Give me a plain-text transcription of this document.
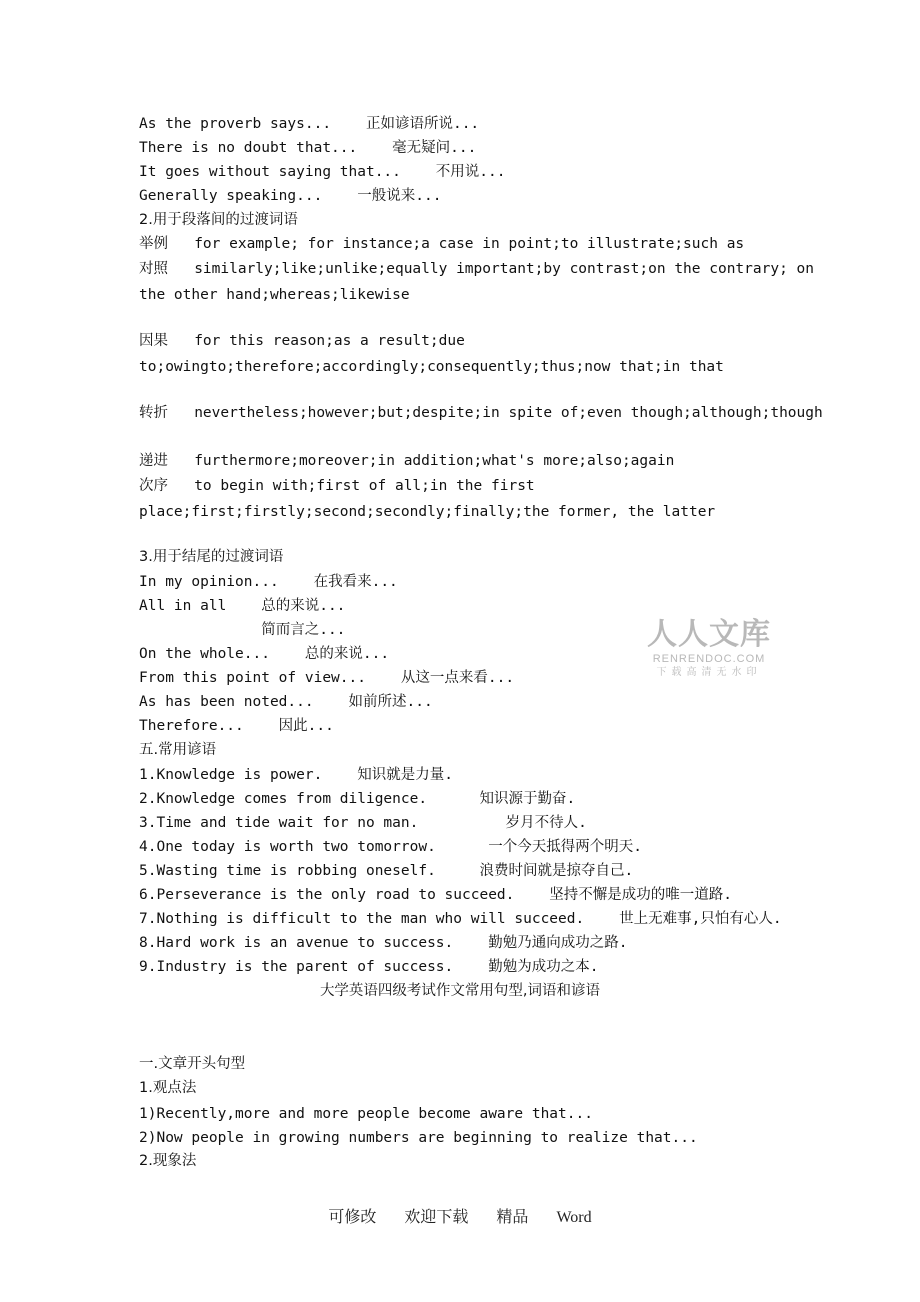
As the proverb says...    正如谚语所说...
There is no doubt that...    毫无疑问...
It goes without saying that...    不用说...
Generally speaking...    一般说来...
2.用于段落间的过渡词语
举例   for example; for instance;a case in point;to illustrate;such as
对照   similarly;like;unlike;equally important;by contrast;on the contrary; on
the other hand;whereas;likewise
因果   for this reason;as a result;due
to;owingto;therefore;accordingly;consequently;thus;now that;in that
转折   nevertheless;however;but;despite;in spite of;even though;although;though
递进   furthermore;moreover;in addition;what's more;also;again
次序   to begin with;first of all;in the first
place;first;firstly;second;secondly;finally;the former, the latter
3.用于结尾的过渡词语
In my opinion...    在我看来...
All in all    总的来说...
简而言之...
On the whole...    总的来说...
From this point of view...    从这一点来看...
As has been noted...    如前所述...
Therefore...    因此...
五.常用谚语
1.Knowledge is power.    知识就是力量.
2.Knowledge comes from diligence.      知识源于勤奋.
3.Time and tide wait for no man.          岁月不待人.
4.One today is worth two tomorrow.      一个今天抵得两个明天.
5.Wasting time is robbing oneself.     浪费时间就是掠夺自己.
6.Perseverance is the only road to succeed.    坚持不懈是成功的唯一道路.
7.Nothing is difficult to the man who will succeed.    世上无难事,只怕有心人.
8.Hard work is an avenue to success.    勤勉乃通向成功之路.
9.Industry is the parent of success.    勤勉为成功之本.
大学英语四级考试作文常用句型,词语和谚语
一.文章开头句型
1.观点法
1)Recently,more and more people become aware that...
2)Now people in growing numbers are beginning to realize that...
2.现象法
人人文库
RENRENDOC.COM
下载高清无水印
可修改 欢迎下载 精品 Word
